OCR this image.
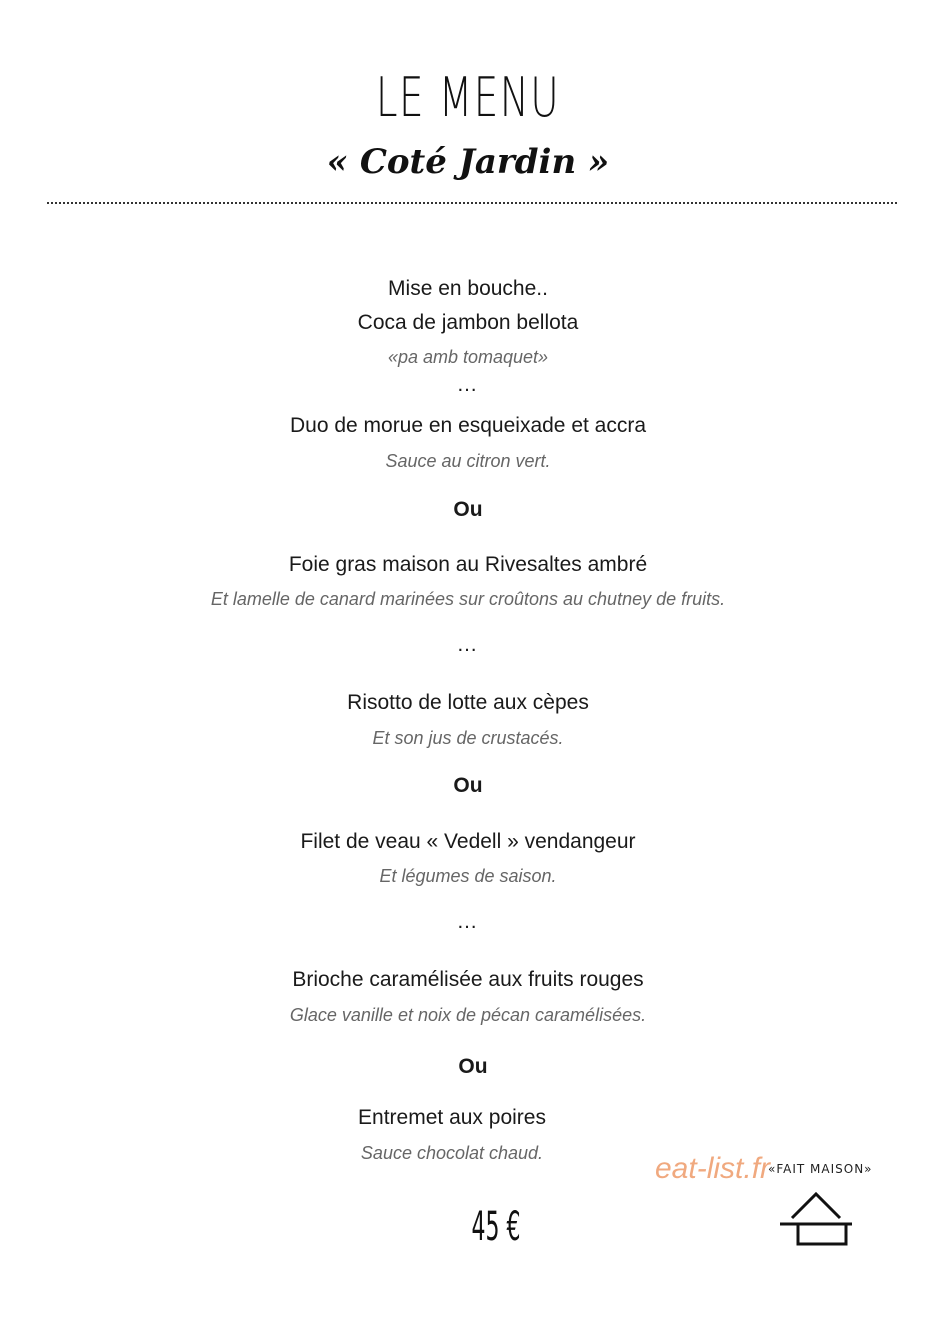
LE MENU
« Coté Jardin »
Mise en bouche..
Coca de jambon bellota
«pa amb tomaquet»
…
Duo de morue en esqueixade et accra
Sauce au citron vert.
Ou
Foie gras maison au Rivesaltes ambré
Et lamelle de canard marinées sur croûtons au chutney de fruits.
…
Risotto de lotte aux cèpes
Et son jus de crustacés.
Ou
Filet de veau « Vedell » vendangeur
Et légumes de saison.
…
Brioche caramélisée aux fruits rouges
Glace vanille et noix de pécan caramélisées.
Ou
Entremet aux poires
Sauce chocolat chaud.
45 €
eat-list.fr
«FAIT MAISON»
